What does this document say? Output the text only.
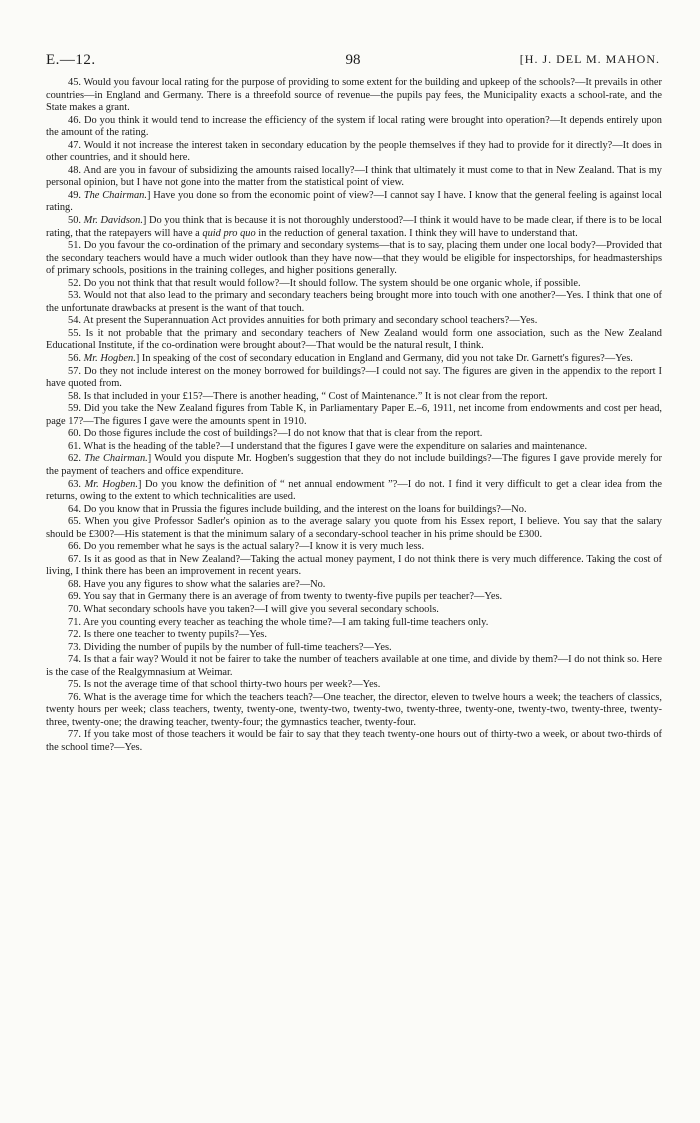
E.—12.	98	[H. J. DEL M. MAHON.

45. Would you favour local rating for the purpose of providing to some extent for the building and upkeep of the schools?—It prevails in other countries—in England and Germany. There is a threefold source of revenue—the pupils pay fees, the Municipality exacts a school-rate, and the State makes a grant.

46. Do you think it would tend to increase the efficiency of the system if local rating were brought into operation?—It depends entirely upon the amount of the rating.

47. Would it not increase the interest taken in secondary education by the people themselves if they had to provide for it directly?—It does in other countries, and it should here.

48. And are you in favour of subsidizing the amounts raised locally?—I think that ultimately it must come to that in New Zealand. That is my personal opinion, but I have not gone into the matter from the statistical point of view.

49. The Chairman.] Have you done so from the economic point of view?—I cannot say I have. I know that the general feeling is against local rating.

50. Mr. Davidson.] Do you think that is because it is not thoroughly understood?—I think it would have to be made clear, if there is to be local rating, that the ratepayers will have a quid pro quo in the reduction of general taxation. I think they will have to understand that.

51. Do you favour the co-ordination of the primary and secondary systems—that is to say, placing them under one local body?—Provided that the secondary teachers would have a much wider outlook than they have now—that they would be eligible for inspectorships, for headmasterships of primary schools, positions in the training colleges, and higher positions generally.

52. Do you not think that that result would follow?—It should follow. The system should be one organic whole, if possible.

53. Would not that also lead to the primary and secondary teachers being brought more into touch with one another?—Yes. I think that one of the unfortunate drawbacks at present is the want of that touch.

54. At present the Superannuation Act provides annuities for both primary and secondary school teachers?—Yes.

55. Is it not probable that the primary and secondary teachers of New Zealand would form one association, such as the New Zealand Educational Institute, if the co-ordination were brought about?—That would be the natural result, I think.

56. Mr. Hogben.] In speaking of the cost of secondary education in England and Germany, did you not take Dr. Garnett's figures?—Yes.

57. Do they not include interest on the money borrowed for buildings?—I could not say. The figures are given in the appendix to the report I have quoted from.

58. Is that included in your £15?—There is another heading, “ Cost of Maintenance.” It is not clear from the report.

59. Did you take the New Zealand figures from Table K, in Parliamentary Paper E.–6, 1911, net income from endowments and cost per head, page 17?—The figures I gave were the amounts spent in 1910.

60. Do those figures include the cost of buildings?—I do not know that that is clear from the report.

61. What is the heading of the table?—I understand that the figures I gave were the expenditure on salaries and maintenance.

62. The Chairman.] Would you dispute Mr. Hogben's suggestion that they do not include buildings?—The figures I gave provide merely for the payment of teachers and office expenditure.

63. Mr. Hogben.] Do you know the definition of “ net annual endowment ”?—I do not. I find it very difficult to get a clear idea from the returns, owing to the extent to which technicalities are used.

64. Do you know that in Prussia the figures include building, and the interest on the loans for buildings?—No.

65. When you give Professor Sadler's opinion as to the average salary you quote from his Essex report, I believe. You say that the salary should be £300?—His statement is that the minimum salary of a secondary-school teacher in his prime should be £300.

66. Do you remember what he says is the actual salary?—I know it is very much less.

67. Is it as good as that in New Zealand?—Taking the actual money payment, I do not think there is very much difference. Taking the cost of living, I think there has been an improvement in recent years.

68. Have you any figures to show what the salaries are?—No.

69. You say that in Germany there is an average of from twenty to twenty-five pupils per teacher?—Yes.

70. What secondary schools have you taken?—I will give you several secondary schools.

71. Are you counting every teacher as teaching the whole time?—I am taking full-time teachers only.

72. Is there one teacher to twenty pupils?—Yes.

73. Dividing the number of pupils by the number of full-time teachers?—Yes.

74. Is that a fair way? Would it not be fairer to take the number of teachers available at one time, and divide by them?—I do not think so. Here is the case of the Realgymnasium at Weimar.

75. Is not the average time of that school thirty-two hours per week?—Yes.

76. What is the average time for which the teachers teach?—One teacher, the director, eleven to twelve hours a week; the teachers of classics, twenty hours per week; class teachers, twenty, twenty-one, twenty-two, twenty-two, twenty-three, twenty-one, twenty-two, twenty-three, twenty-three, twenty-one; the drawing teacher, twenty-four; the gymnastics teacher, twenty-four.

77. If you take most of those teachers it would be fair to say that they teach twenty-one hours out of thirty-two a week, or about two-thirds of the school time?—Yes.
